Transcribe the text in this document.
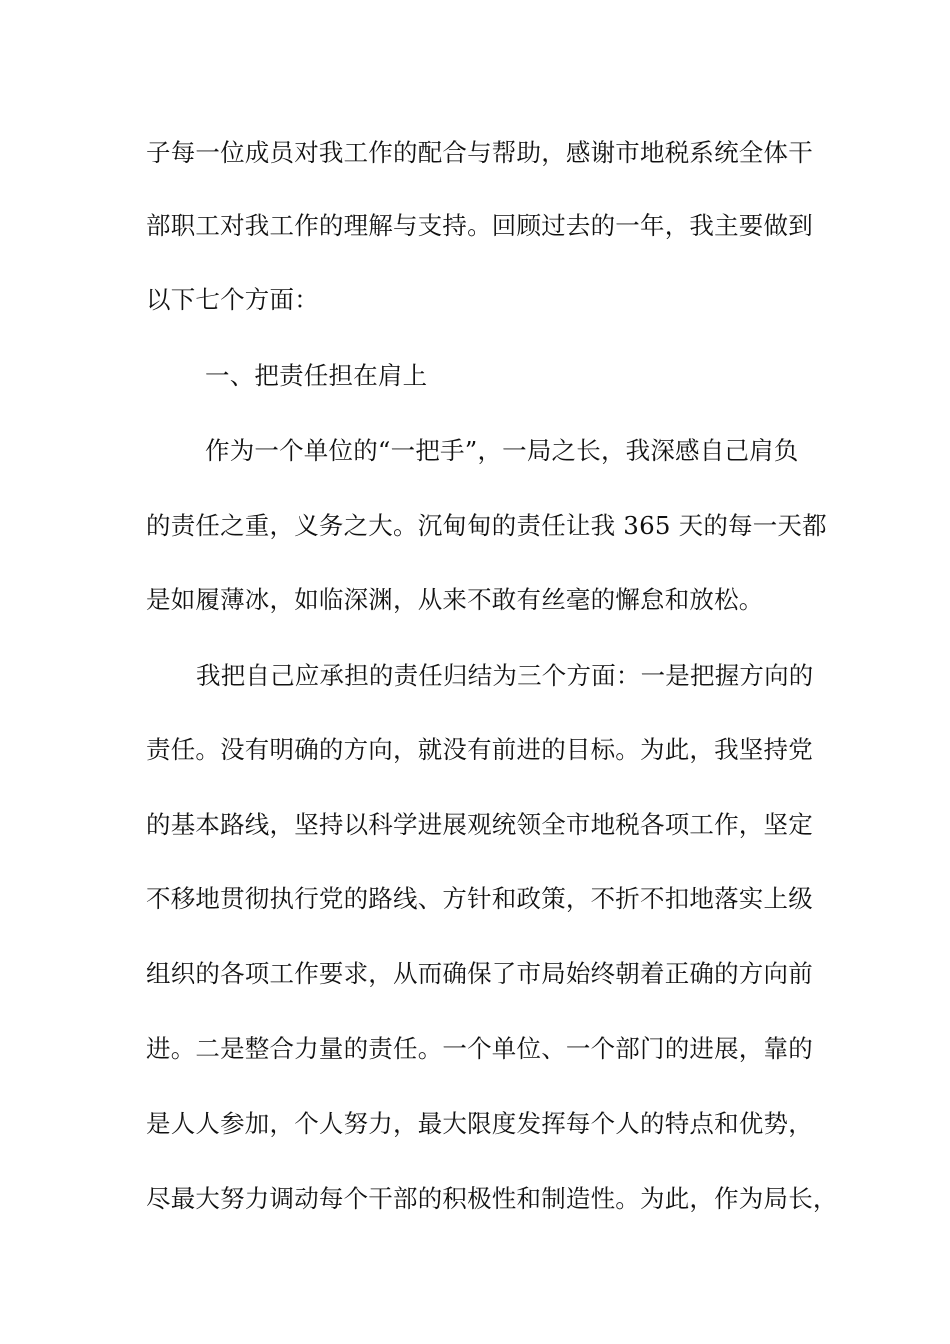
子每一位成员对我工作的配合与帮助，感谢市地税系统全体干

部职工对我工作的理解与支持。回顾过去的一年，我主要做到

以下七个方面：

一、把责任担在肩上

作为一个单位的“一把手”，一局之长，我深感自己肩负

的责任之重，义务之大。沉甸甸的责任让我 365 天的每一天都

是如履薄冰，如临深渊，从来不敢有丝毫的懈怠和放松。

我把自己应承担的责任归结为三个方面：一是把握方向的

责任。没有明确的方向，就没有前进的目标。为此，我坚持党

的基本路线，坚持以科学进展观统领全市地税各项工作，坚定

不移地贯彻执行党的路线、方针和政策，不折不扣地落实上级

组织的各项工作要求，从而确保了市局始终朝着正确的方向前

进。二是整合力量的责任。一个单位、一个部门的进展，靠的

是人人参加，个人努力，最大限度发挥每个人的特点和优势，

尽最大努力调动每个干部的积极性和制造性。为此，作为局长，
